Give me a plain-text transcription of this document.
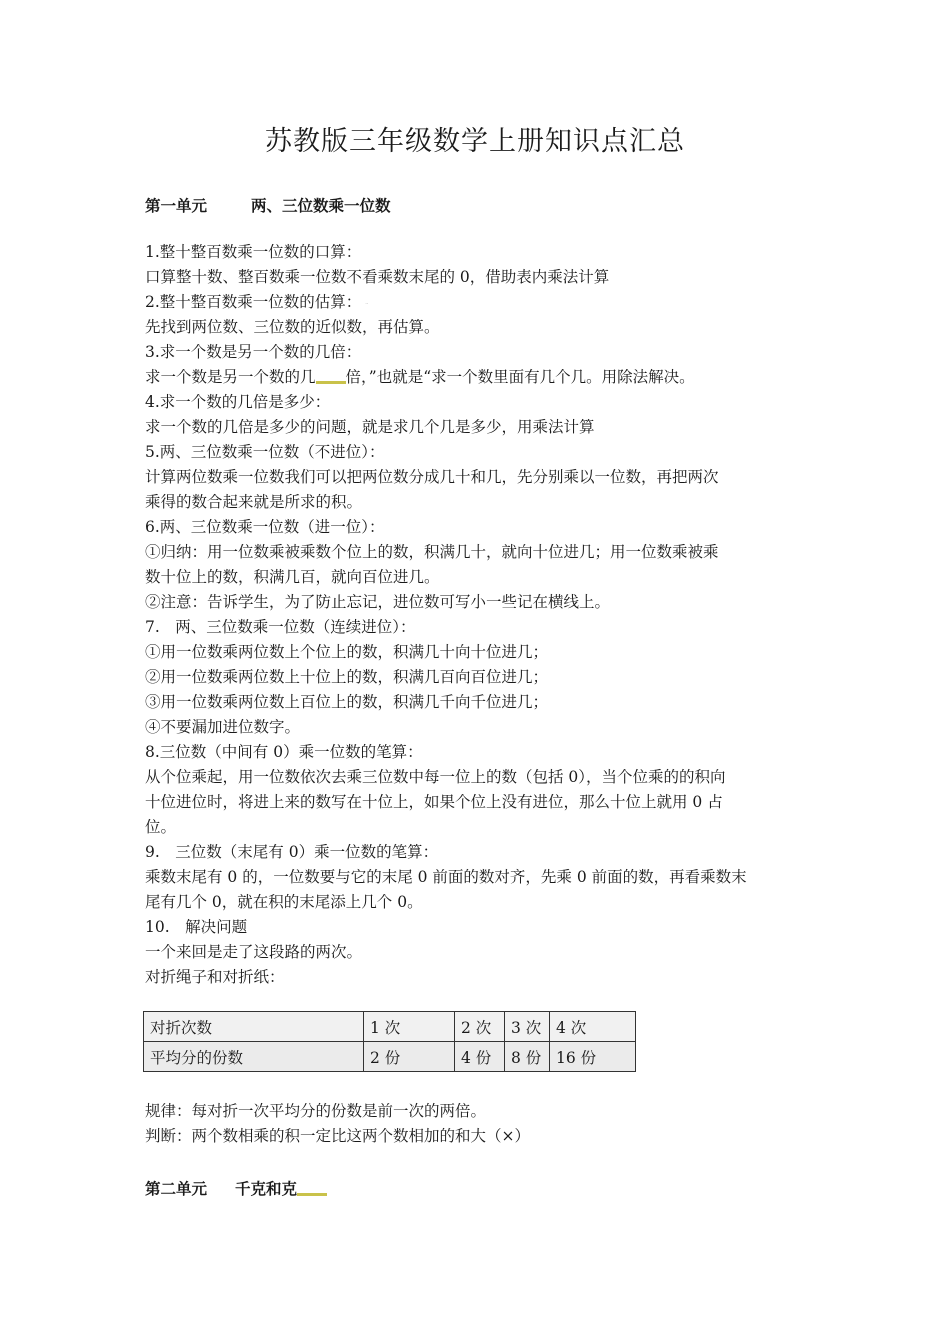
苏教版三年级数学上册知识点汇总
第一单元	两、三位数乘一位数
1.整十整百数乘一位数的口算：
口算整十数、整百数乘一位数不看乘数末尾的 0，借助表内乘法计算
2.整十整百数乘一位数的估算： ..
先找到两位数、三位数的近似数，再估算。
3.求一个数是另一个数的几倍：
求一个数是另一个数的几 倍，”也就是“求一个数里面有几个几。用除法解决。
4.求一个数的几倍是多少：
求一个数的几倍是多少的问题，就是求几个几是多少，用乘法计算
5.两、三位数乘一位数（不进位）：
计算两位数乘一位数我们可以把两位数分成几十和几，先分别乘以一位数，再把两次
乘得的数合起来就是所求的积。
6.两、三位数乘一位数（进一位）：
①归纳：用一位数乘被乘数个位上的数，积满几十，就向十位进几；用一位数乘被乘
数十位上的数，积满几百，就向百位进几。
②注意：告诉学生，为了防止忘记，进位数可写小一些记在横线上。
7.　两、三位数乘一位数（连续进位）：
①用一位数乘两位数上个位上的数，积满几十向十位进几；
②用一位数乘两位数上十位上的数，积满几百向百位进几；
③用一位数乘两位数上百位上的数，积满几千向千位进几；
④不要漏加进位数字。
8.三位数（中间有 0）乘一位数的笔算：
从个位乘起，用一位数依次去乘三位数中每一位上的数（包括 0），当个位乘的的积向
十位进位时，将进上来的数写在十位上，如果个位上没有进位，那么十位上就用 0 占
位。
9.　三位数（末尾有 0）乘一位数的笔算：
乘数末尾有 0 的，一位数要与它的末尾 0 前面的数对齐，先乘 0 前面的数，再看乘数末
尾有几个 0，就在积的末尾添上几个 0。
10.　解决问题
一个来回是走了这段路的两次。
对折绳子和对折纸：
对折次数	1 次	2 次	3 次	4 次
平均分的份数	2 份	4 份	8 份	16 份
规律：每对折一次平均分的份数是前一次的两倍。
判断：两个数相乘的积一定比这两个数相加的和大（×）
第二单元 千克和克
